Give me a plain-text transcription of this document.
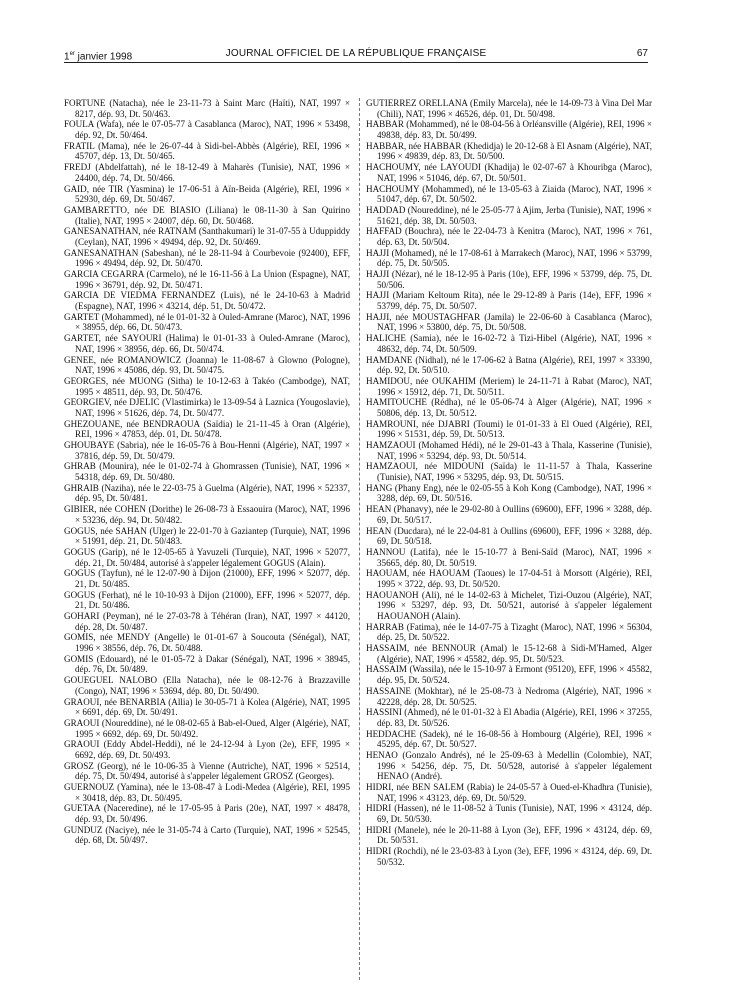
1er janvier 1998	JOURNAL OFFICIEL DE LA RÉPUBLIQUE FRANÇAISE	67

FORTUNE (Natacha), née le 23-11-73 à Saint Marc (Haïti), NAT, 1997 × 8217, dép. 93, Dt. 50/463.

FOULA (Wafa), née le 07-05-77 à Casablanca (Maroc), NAT, 1996 × 53498, dép. 92, Dt. 50/464.

FRATIL (Mama), née le 26-07-44 à Sidi-bel-Abbès (Algérie), REI, 1996 × 45707, dép. 13, Dt. 50/465.

FREDJ (Abdelfattah), né le 18-12-49 à Maharès (Tunisie), NAT, 1996 × 24400, dép. 74, Dt. 50/466.

GAID, née TIR (Yasmina) le 17-06-51 à Aïn-Beida (Algérie), REI, 1996 × 52930, dép. 69, Dt. 50/467.

GAMBARETTO, née DE BIASIO (Liliana) le 08-11-30 à San Quirino (Italie), NAT, 1995 × 24007, dép. 60, Dt. 50/468.

GANESANATHAN, née RATNAM (Santhakumari) le 31-07-55 à Uduppiddy (Ceylan), NAT, 1996 × 49494, dép. 92, Dt. 50/469.

GANESANATHAN (Sabeshan), né le 28-11-94 à Courbevoie (92400), EFF, 1996 × 49494, dép. 92, Dt. 50/470.

GARCIA CEGARRA (Carmelo), né le 16-11-56 à La Union (Espagne), NAT, 1996 × 36791, dép. 92, Dt. 50/471.

GARCIA DE VIEDMA FERNANDEZ (Luis), né le 24-10-63 à Madrid (Espagne), NAT, 1996 × 43214, dép. 51, Dt. 50/472.

GARTET (Mohammed), né le 01-01-32 à Ouled-Amrane (Maroc), NAT, 1996 × 38955, dép. 66, Dt. 50/473.

GARTET, née SAYOURI (Halima) le 01-01-33 à Ouled-Amrane (Maroc), NAT, 1996 × 38956, dép. 66, Dt. 50/474.

GENEE, née ROMANOWICZ (Joanna) le 11-08-67 à Glowno (Pologne), NAT, 1996 × 45086, dép. 93, Dt. 50/475.

GEORGES, née MUONG (Sitha) le 10-12-63 à Takéo (Cambodge), NAT, 1995 × 48511, dép. 93, Dt. 50/476.

GEORGIEV, née DJELIC (Vlastimirka) le 13-09-54 à Laznica (Yougoslavie), NAT, 1996 × 51626, dép. 74, Dt. 50/477.

GHEZOUANE, née BENDRAOUA (Saïdia) le 21-11-45 à Oran (Algérie), REI, 1996 × 47853, dép. 01, Dt. 50/478.

GHOUBAYE (Sabria), née le 16-05-76 à Bou-Henni (Algérie), NAT, 1997 × 37816, dép. 59, Dt. 50/479.

GHRAB (Mounira), née le 01-02-74 à Ghomrassen (Tunisie), NAT, 1996 × 54318, dép. 69, Dt. 50/480.

GHRAIB (Naziha), née le 22-03-75 à Guelma (Algérie), NAT, 1996 × 52337, dép. 95, Dt. 50/481.

GIBIER, née COHEN (Dorithe) le 26-08-73 à Essaouira (Maroc), NAT, 1996 × 53236, dép. 94, Dt. 50/482.

GOGUS, née SAHAN (Ulger) le 22-01-70 à Gaziantep (Turquie), NAT, 1996 × 51991, dép. 21, Dt. 50/483.

GOGUS (Garip), né le 12-05-65 à Yavuzeli (Turquie), NAT, 1996 × 52077, dép. 21, Dt. 50/484, autorisé à s'appeler légalement GOGUS (Alain).

GOGUS (Tayfun), né le 12-07-90 à Dijon (21000), EFF, 1996 × 52077, dép. 21, Dt. 50/485.

GOGUS (Ferhat), né le 10-10-93 à Dijon (21000), EFF, 1996 × 52077, dép. 21, Dt. 50/486.

GOHARI (Peyman), né le 27-03-78 à Téhéran (Iran), NAT, 1997 × 44120, dép. 28, Dt. 50/487.

GOMIS, née MENDY (Angelle) le 01-01-67 à Soucouta (Sénégal), NAT, 1996 × 38556, dép. 76, Dt. 50/488.

GOMIS (Edouard), né le 01-05-72 à Dakar (Sénégal), NAT, 1996 × 38945, dép. 76, Dt. 50/489.

GOUEGUEL NALOBO (Ella Natacha), née le 08-12-76 à Brazzaville (Congo), NAT, 1996 × 53694, dép. 80, Dt. 50/490.

GRAOUI, née BENARBIA (Allia) le 30-05-71 à Kolea (Algérie), NAT, 1995 × 6691, dép. 69, Dt. 50/491.

GRAOUI (Noureddine), né le 08-02-65 à Bab-el-Oued, Alger (Algérie), NAT, 1995 × 6692, dép. 69, Dt. 50/492.

GRAOUI (Eddy Abdel-Heddi), né le 24-12-94 à Lyon (2e), EFF, 1995 × 6692, dép. 69, Dt. 50/493.

GROSZ (Georg), né le 10-06-35 à Vienne (Autriche), NAT, 1996 × 52514, dép. 75, Dt. 50/494, autorisé à s'appeler légalement GROSZ (Georges).

GUERNOUZ (Yamina), née le 13-08-47 à Lodi-Medea (Algérie), REI, 1995 × 30418, dép. 83, Dt. 50/495.

GUETAA (Naceredine), né le 17-05-95 à Paris (20e), NAT, 1997 × 48478, dép. 93, Dt. 50/496.

GUNDUZ (Naciye), née le 31-05-74 à Carto (Turquie), NAT, 1996 × 52545, dép. 68, Dt. 50/497.

GUTIERREZ ORELLANA (Emily Marcela), née le 14-09-73 à Vina Del Mar (Chili), NAT, 1996 × 46526, dép. 01, Dt. 50/498.

HABBAR (Mohammed), né le 08-04-56 à Orléansville (Algérie), REI, 1996 × 49838, dép. 83, Dt. 50/499.

HABBAR, née HABBAR (Khedidja) le 20-12-68 à El Asnam (Algérie), NAT, 1996 × 49839, dép. 83, Dt. 50/500.

HACHOUMY, née LAYOUDI (Khadija) le 02-07-67 à Khouribga (Maroc), NAT, 1996 × 51046, dép. 67, Dt. 50/501.

HACHOUMY (Mohammed), né le 13-05-63 à Ziaida (Maroc), NAT, 1996 × 51047, dép. 67, Dt. 50/502.

HADDAD (Noureddine), né le 25-05-77 à Ajim, Jerba (Tunisie), NAT, 1996 × 51621, dép. 38, Dt. 50/503.

HAFFAD (Bouchra), née le 22-04-73 à Kenitra (Maroc), NAT, 1996 × 761, dép. 63, Dt. 50/504.

HAJJI (Mohamed), né le 17-08-61 à Marrakech (Maroc), NAT, 1996 × 53799, dép. 75, Dt. 50/505.

HAJJI (Nézar), né le 18-12-95 à Paris (10e), EFF, 1996 × 53799, dép. 75, Dt. 50/506.

HAJJI (Mariam Keltoum Rita), née le 29-12-89 à Paris (14e), EFF, 1996 × 53799, dép. 75, Dt. 50/507.

HAJJI, née MOUSTAGHFAR (Jamila) le 22-06-60 à Casablanca (Maroc), NAT, 1996 × 53800, dép. 75, Dt. 50/508.

HALICHE (Samia), née le 16-02-72 à Tizi-Hibel (Algérie), NAT, 1996 × 48632, dép. 74, Dt. 50/509.

HAMDANE (Nidhal), né le 17-06-62 à Batna (Algérie), REI, 1997 × 33390, dép. 92, Dt. 50/510.

HAMIDOU, née OUKAHIM (Meriem) le 24-11-71 à Rabat (Maroc), NAT, 1996 × 15912, dép. 71, Dt. 50/511.

HAMITOUCHE (Rédha), né le 05-06-74 à Alger (Algérie), NAT, 1996 × 50806, dép. 13, Dt. 50/512.

HAMROUNI, née DJABRI (Toumi) le 01-01-33 à El Oued (Algérie), REI, 1996 × 51531, dép. 59, Dt. 50/513.

HAMZAOUI (Mohamed Hédi), né le 29-01-43 à Thala, Kasserine (Tunisie), NAT, 1996 × 53294, dép. 93, Dt. 50/514.

HAMZAOUI, née MIDOUNI (Saïda) le 11-11-57 à Thala, Kasserine (Tunisie), NAT, 1996 × 53295, dép. 93, Dt. 50/515.

HANG (Phany Eng), née le 02-05-55 à Koh Kong (Cambodge), NAT, 1996 × 3288, dép. 69, Dt. 50/516.

HEAN (Phanavy), née le 29-02-80 à Oullins (69600), EFF, 1996 × 3288, dép. 69, Dt. 50/517.

HEAN (Ducdara), né le 22-04-81 à Oullins (69600), EFF, 1996 × 3288, dép. 69, Dt. 50/518.

HANNOU (Latifa), née le 15-10-77 à Beni-Saïd (Maroc), NAT, 1996 × 35665, dép. 80, Dt. 50/519.

HAOUAM, née HAOUAM (Taoues) le 17-04-51 à Morsott (Algérie), REI, 1995 × 3722, dép. 93, Dt. 50/520.

HAOUANOH (Ali), né le 14-02-63 à Michelet, Tizi-Ouzou (Algérie), NAT, 1996 × 53297, dép. 93, Dt. 50/521, autorisé à s'appeler légalement HAOUANOH (Alain).

HARRAB (Fatima), née le 14-07-75 à Tizaght (Maroc), NAT, 1996 × 56304, dép. 25, Dt. 50/522.

HASSAIM, née BENNOUR (Amal) le 15-12-68 à Sidi-M'Hamed, Alger (Algérie), NAT, 1996 × 45582, dép. 95, Dt. 50/523.

HASSAIM (Wassila), née le 15-10-97 à Ermont (95120), EFF, 1996 × 45582, dép. 95, Dt. 50/524.

HASSAINE (Mokhtar), né le 25-08-73 à Nedroma (Algérie), NAT, 1996 × 42228, dép. 28, Dt. 50/525.

HASSINI (Ahmed), né le 01-01-32 à El Abadia (Algérie), REI, 1996 × 37255, dép. 83, Dt. 50/526.

HEDDACHE (Sadek), né le 16-08-56 à Hombourg (Algérie), REI, 1996 × 45295, dép. 67, Dt. 50/527.

HENAO (Gonzalo Andrés), né le 25-09-63 à Medellin (Colombie), NAT, 1996 × 54256, dép. 75, Dt. 50/528, autorisé à s'appeler légalement HENAO (André).

HIDRI, née BEN SALEM (Rabia) le 24-05-57 à Oued-el-Khadhra (Tunisie), NAT, 1996 × 43123, dép. 69, Dt. 50/529.

HIDRI (Hassen), né le 11-08-52 à Tunis (Tunisie), NAT, 1996 × 43124, dép. 69, Dt. 50/530.

HIDRI (Manele), née le 20-11-88 à Lyon (3e), EFF, 1996 × 43124, dép. 69, Dt. 50/531.

HIDRI (Rochdi), né le 23-03-83 à Lyon (3e), EFF, 1996 × 43124, dép. 69, Dt. 50/532.
